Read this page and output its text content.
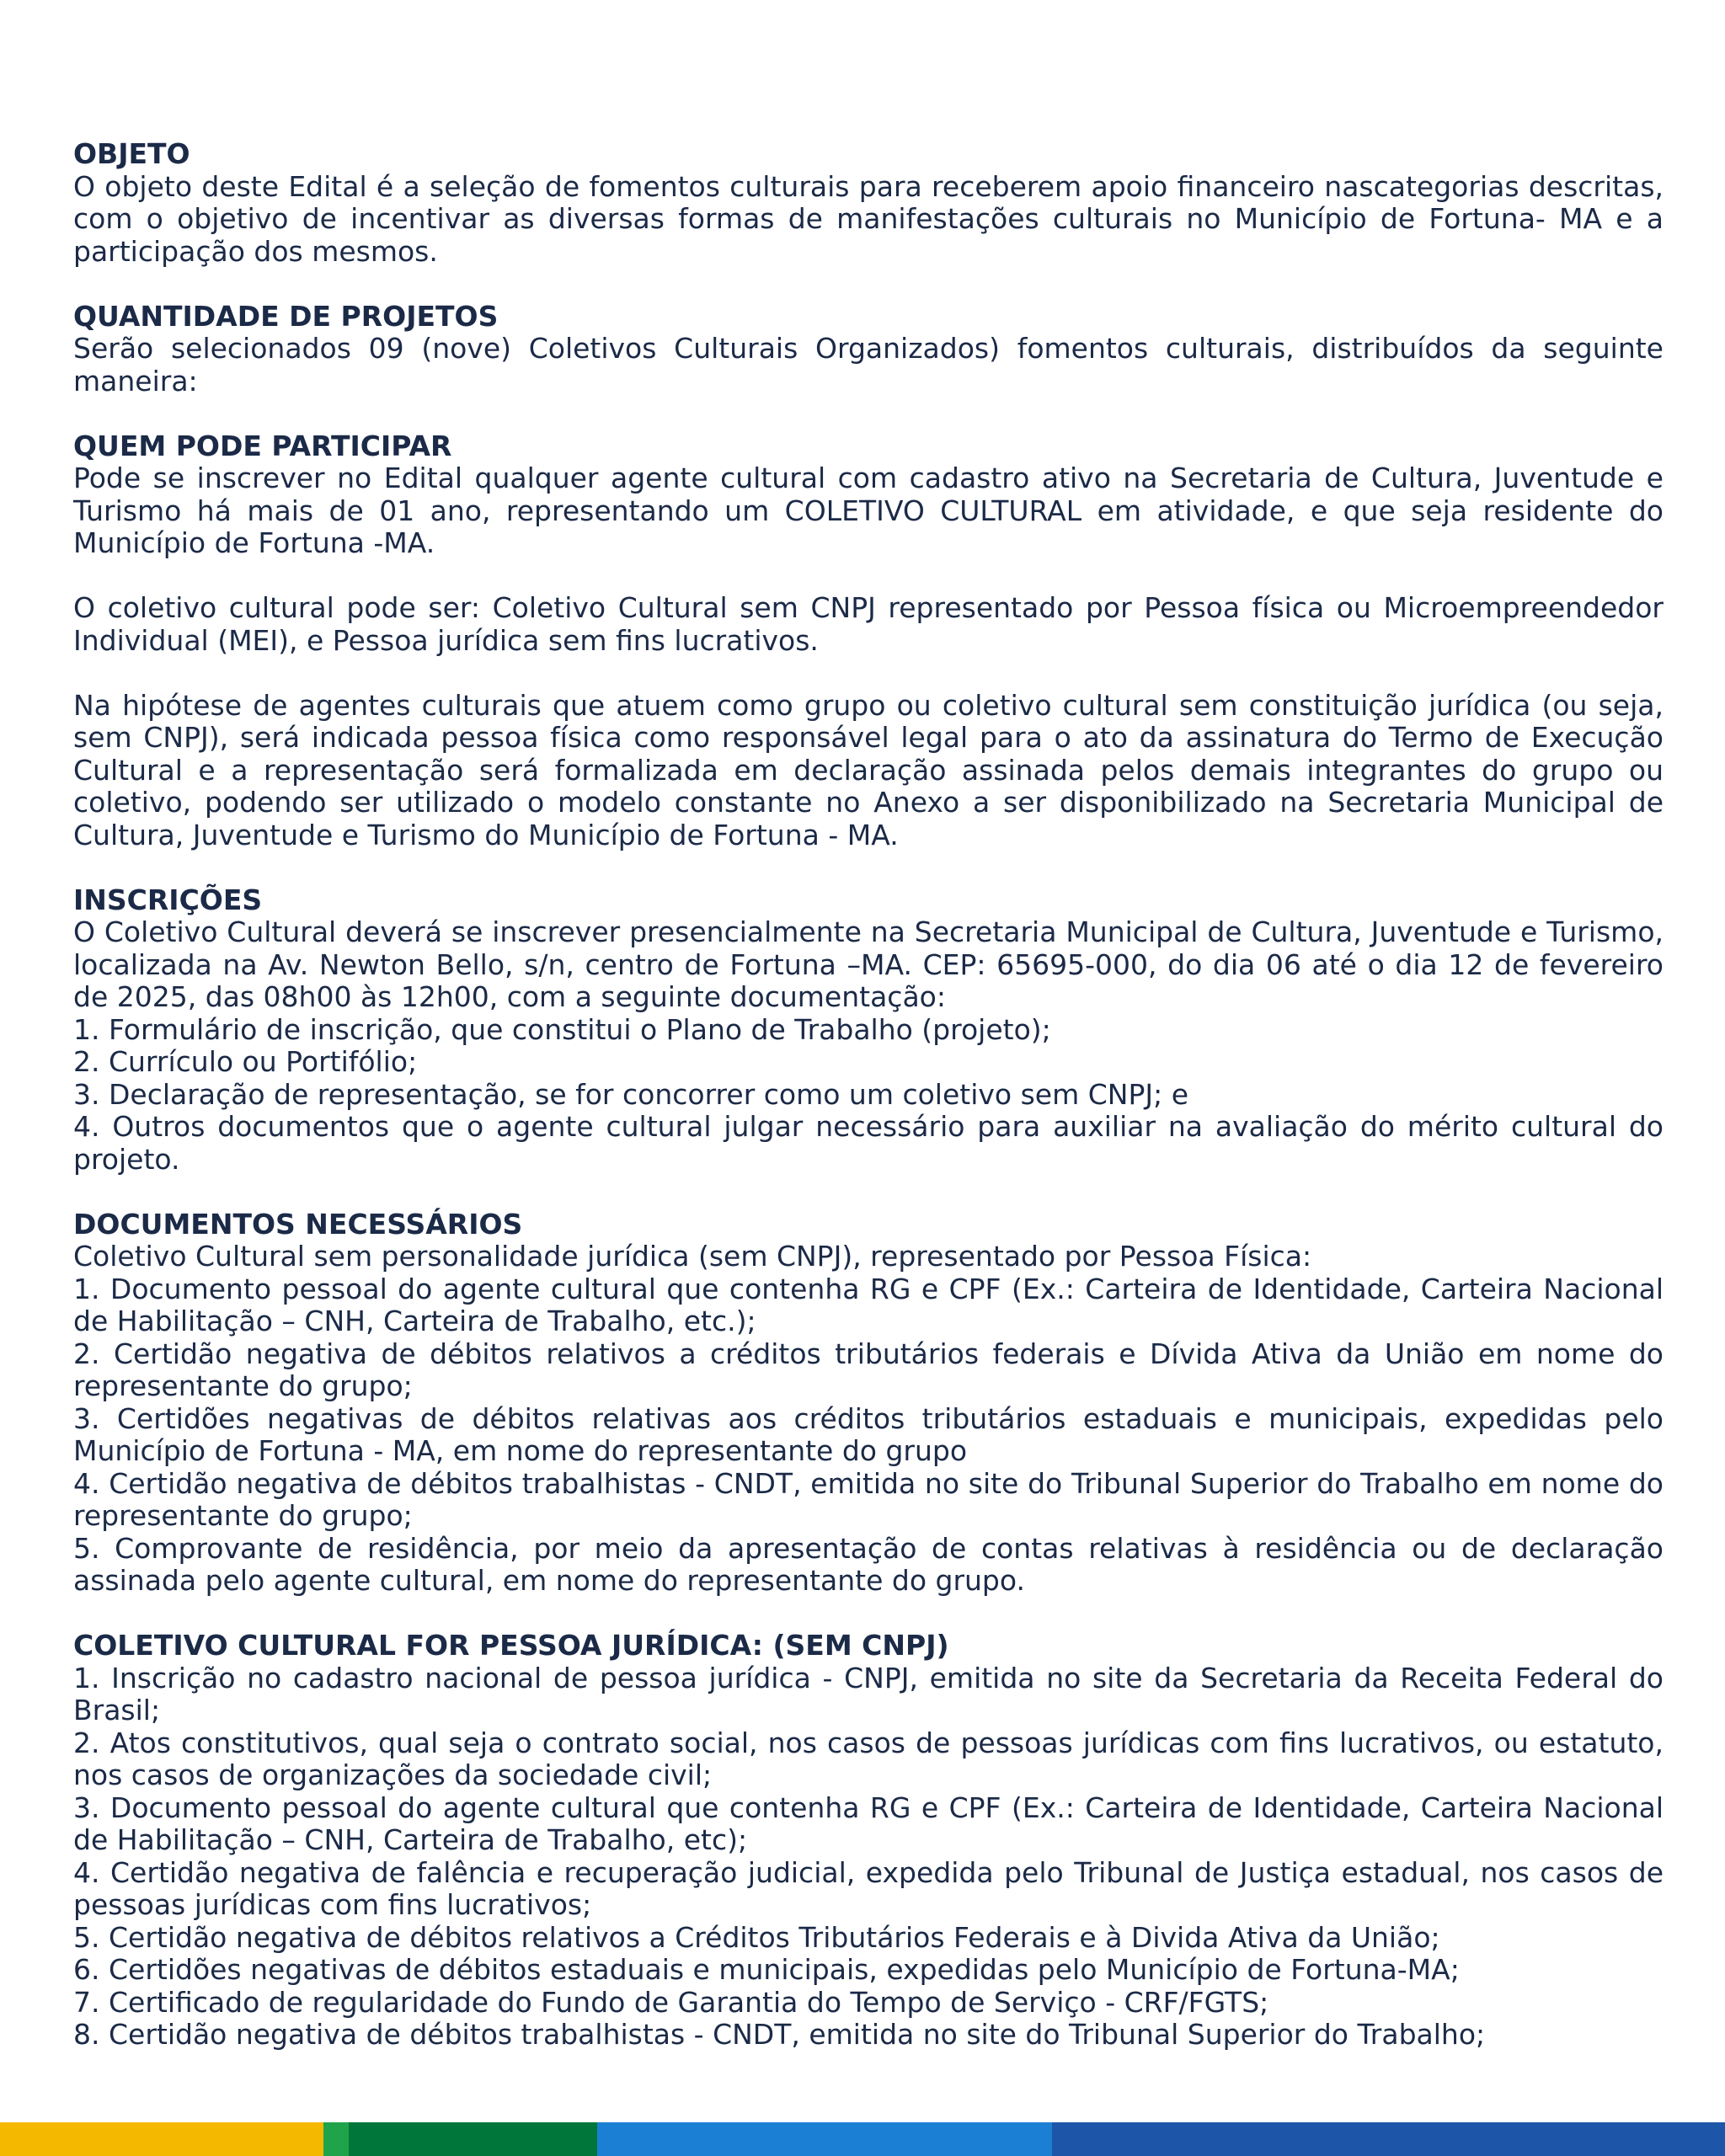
OBJETO

O objeto deste Edital é a seleção de fomentos culturais para receberem apoio financeiro nascategorias descritas, com o objetivo de incentivar as diversas formas de manifestações culturais no Município de Fortuna- MA e a participação dos mesmos.

QUANTIDADE DE PROJETOS

Serão selecionados 09 (nove) Coletivos Culturais Organizados) fomentos culturais, distribuídos da seguinte maneira:

QUEM PODE PARTICIPAR

Pode se inscrever no Edital qualquer agente cultural com cadastro ativo na Secretaria de Cultura, Juventude e Turismo há mais de 01 ano, representando um COLETIVO CULTURAL em atividade, e que seja residente do Município de Fortuna -MA.

O coletivo cultural pode ser: Coletivo Cultural sem CNPJ representado por Pessoa física ou Microempreendedor Individual (MEI), e Pessoa jurídica sem fins lucrativos.

Na hipótese de agentes culturais que atuem como grupo ou coletivo cultural sem constituição jurídica (ou seja, sem CNPJ), será indicada pessoa física como responsável legal para o ato da assinatura do Termo de Execução Cultural e a representação será formalizada em declaração assinada pelos demais integrantes do grupo ou coletivo, podendo ser utilizado o modelo constante no Anexo a ser disponibilizado na Secretaria Municipal de Cultura, Juventude e Turismo do Município de Fortuna - MA.

INSCRIÇÕES

O Coletivo Cultural deverá se inscrever presencialmente na Secretaria Municipal de Cultura, Juventude e Turismo, localizada na Av. Newton Bello, s/n, centro de Fortuna –MA. CEP: 65695-000, do dia 06 até o dia 12 de fevereiro de 2025, das 08h00 às 12h00, com a seguinte documentação:

1. Formulário de inscrição, que constitui o Plano de Trabalho (projeto);
2. Currículo ou Portifólio;
3. Declaração de representação, se for concorrer como um coletivo sem CNPJ; e
4. Outros documentos que o agente cultural julgar necessário para auxiliar na avaliação do mérito cultural do projeto.

DOCUMENTOS NECESSÁRIOS

Coletivo Cultural sem personalidade jurídica (sem CNPJ), representado por Pessoa Física:

1. Documento pessoal do agente cultural que contenha RG e CPF (Ex.: Carteira de Identidade, Carteira Nacional de Habilitação – CNH, Carteira de Trabalho, etc.);
2. Certidão negativa de débitos relativos a créditos tributários federais e Dívida Ativa da União em nome do representante do grupo;
3. Certidões negativas de débitos relativas aos créditos tributários estaduais e municipais, expedidas pelo Município de Fortuna - MA, em nome do representante do grupo
4. Certidão negativa de débitos trabalhistas - CNDT, emitida no site do Tribunal Superior do Trabalho em nome do representante do grupo;
5. Comprovante de residência, por meio da apresentação de contas relativas à residência ou de declaração assinada pelo agente cultural, em nome do representante do grupo.

COLETIVO CULTURAL FOR PESSOA JURÍDICA: (SEM CNPJ)

1. Inscrição no cadastro nacional de pessoa jurídica - CNPJ, emitida no site da Secretaria da Receita Federal do Brasil;
2. Atos constitutivos, qual seja o contrato social, nos casos de pessoas jurídicas com fins lucrativos, ou estatuto, nos casos de organizações da sociedade civil;
3. Documento pessoal do agente cultural que contenha RG e CPF (Ex.: Carteira de Identidade, Carteira Nacional de Habilitação – CNH, Carteira de Trabalho, etc);
4. Certidão negativa de falência e recuperação judicial, expedida pelo Tribunal de Justiça estadual, nos casos de pessoas jurídicas com fins lucrativos;
5. Certidão negativa de débitos relativos a Créditos Tributários Federais e à Divida Ativa da União;
6. Certidões negativas de débitos estaduais e municipais, expedidas pelo Município de Fortuna-MA;
7. Certificado de regularidade do Fundo de Garantia do Tempo de Serviço - CRF/FGTS;
8. Certidão negativa de débitos trabalhistas - CNDT, emitida no site do Tribunal Superior do Trabalho;
